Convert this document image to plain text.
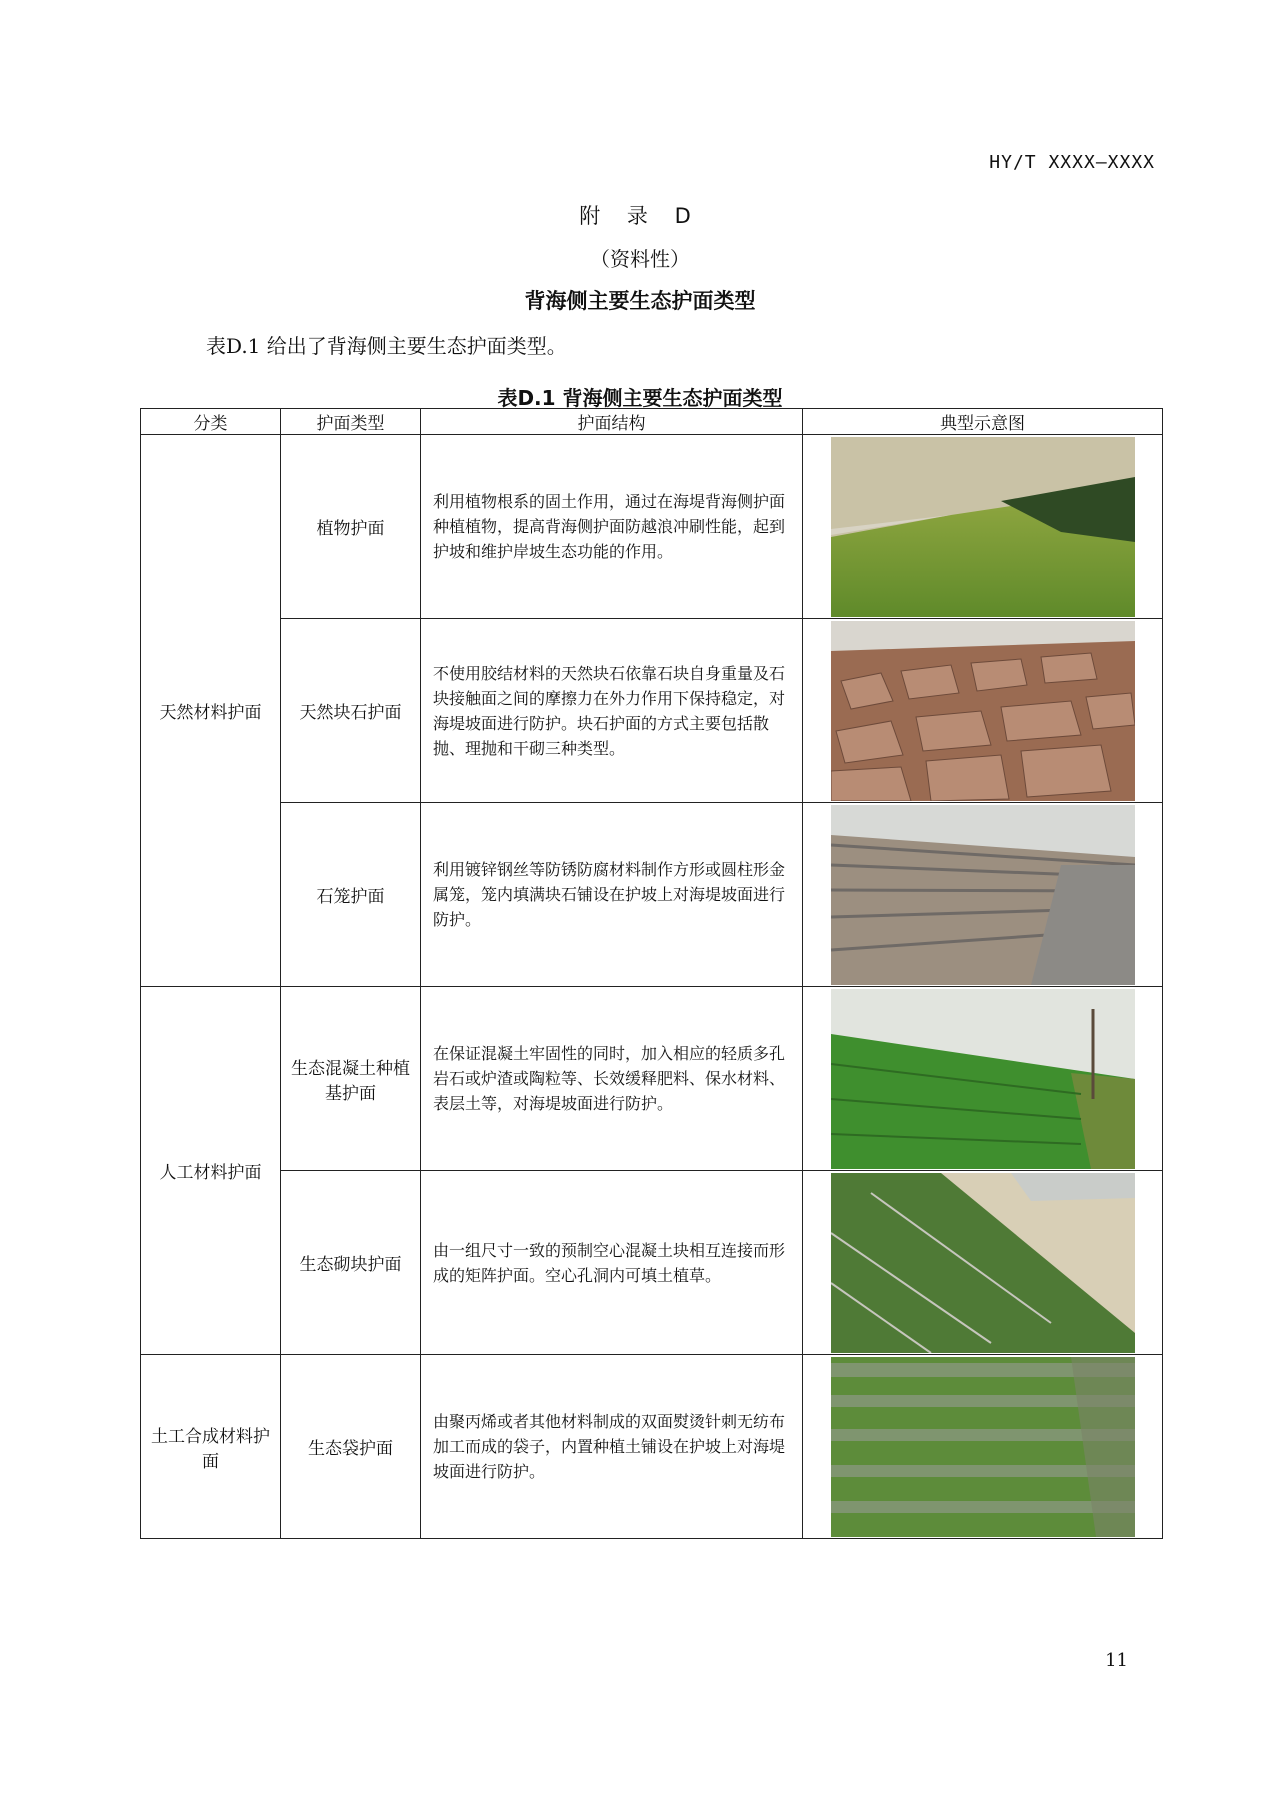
HY/T XXXX—XXXX
附 录 D
（资料性）
背海侧主要生态护面类型
表D.1 给出了背海侧主要生态护面类型。
表D.1 背海侧主要生态护面类型
分类	护面类型	护面结构	典型示意图
天然材料护面	植物护面	利用植物根系的固土作用，通过在海堤背海侧护面种植植物，提高背海侧护面防越浪冲刷性能，起到护坡和维护岸坡生态功能的作用。	

	天然块石护面	不使用胶结材料的天然块石依靠石块自身重量及石块接触面之间的摩擦力在外力作用下保持稳定，对海堤坡面进行防护。块石护面的方式主要包括散抛、理抛和干砌三种类型。	

	石笼护面	利用镀锌钢丝等防锈防腐材料制作方形或圆柱形金属笼，笼内填满块石铺设在护坡上对海堤坡面进行防护。	

人工材料护面	生态混凝土种植基护面	在保证混凝土牢固性的同时，加入相应的轻质多孔岩石或炉渣或陶粒等、长效缓释肥料、保水材料、表层土等，对海堤坡面进行防护。	

	生态砌块护面	由一组尺寸一致的预制空心混凝土块相互连接而形成的矩阵护面。空心孔洞内可填土植草。	

土工合成材料护面	生态袋护面	由聚丙烯或者其他材料制成的双面熨烫针刺无纺布加工而成的袋子，内置种植土铺设在护坡上对海堤坡面进行防护。	
11
